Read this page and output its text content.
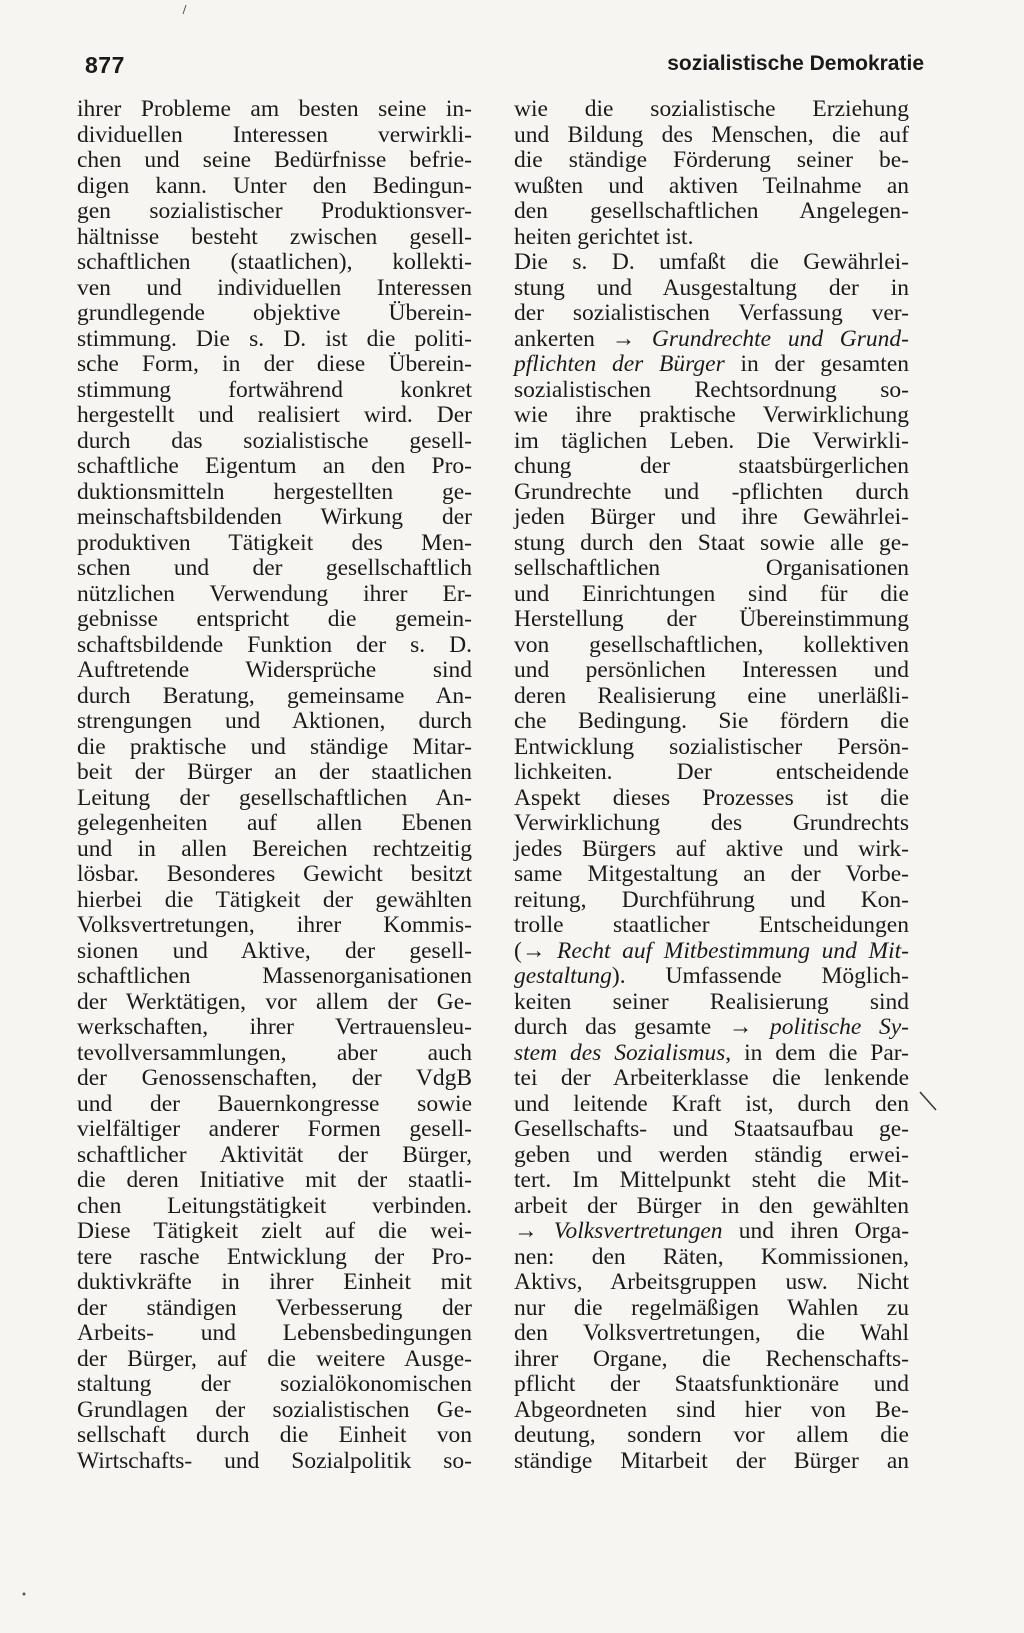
877	sozialistische Demokratie
ihrer Probleme am besten seine in-
dividuellen Interessen verwirkli-
chen und seine Bedürfnisse befrie-
digen kann. Unter den Bedingun-
gen sozialistischer Produktionsver-
hältnisse besteht zwischen gesell-
schaftlichen (staatlichen), kollekti-
ven und individuellen Interessen
grundlegende objektive Überein-
stimmung. Die s. D. ist die politi-
sche Form, in der diese Überein-
stimmung fortwährend konkret
hergestellt und realisiert wird. Der
durch das sozialistische gesell-
schaftliche Eigentum an den Pro-
duktionsmitteln hergestellten ge-
meinschaftsbildenden Wirkung der
produktiven Tätigkeit des Men-
schen und der gesellschaftlich
nützlichen Verwendung ihrer Er-
gebnisse entspricht die gemein-
schaftsbildende Funktion der s. D.
Auftretende Widersprüche sind
durch Beratung, gemeinsame An-
strengungen und Aktionen, durch
die praktische und ständige Mitar-
beit der Bürger an der staatlichen
Leitung der gesellschaftlichen An-
gelegenheiten auf allen Ebenen
und in allen Bereichen rechtzeitig
lösbar. Besonderes Gewicht besitzt
hierbei die Tätigkeit der gewählten
Volksvertretungen, ihrer Kommis-
sionen und Aktive, der gesell-
schaftlichen Massenorganisationen
der Werktätigen, vor allem der Ge-
werkschaften, ihrer Vertrauensleu-
tevollversammlungen, aber auch
der Genossenschaften, der VdgB
und der Bauernkongresse sowie
vielfältiger anderer Formen gesell-
schaftlicher Aktivität der Bürger,
die deren Initiative mit der staatli-
chen Leitungstätigkeit verbinden.
Diese Tätigkeit zielt auf die wei-
tere rasche Entwicklung der Pro-
duktivkräfte in ihrer Einheit mit
der ständigen Verbesserung der
Arbeits- und Lebensbedingungen
der Bürger, auf die weitere Ausge-
staltung der sozialökonomischen
Grundlagen der sozialistischen Ge-
sellschaft durch die Einheit von
Wirtschafts- und Sozialpolitik so-
wie die sozialistische Erziehung
und Bildung des Menschen, die auf
die ständige Förderung seiner be-
wußten und aktiven Teilnahme an
den gesellschaftlichen Angelegen-
heiten gerichtet ist.
Die s. D. umfaßt die Gewährlei-
stung und Ausgestaltung der in
der sozialistischen Verfassung ver-
ankerten → Grundrechte und Grund-
pflichten der Bürger in der gesamten
sozialistischen Rechtsordnung so-
wie ihre praktische Verwirklichung
im täglichen Leben. Die Verwirkli-
chung der staatsbürgerlichen
Grundrechte und -pflichten durch
jeden Bürger und ihre Gewährlei-
stung durch den Staat sowie alle ge-
sellschaftlichen Organisationen
und Einrichtungen sind für die
Herstellung der Übereinstimmung
von gesellschaftlichen, kollektiven
und persönlichen Interessen und
deren Realisierung eine unerläßli-
che Bedingung. Sie fördern die
Entwicklung sozialistischer Persön-
lichkeiten. Der entscheidende
Aspekt dieses Prozesses ist die
Verwirklichung des Grundrechts
jedes Bürgers auf aktive und wirk-
same Mitgestaltung an der Vorbe-
reitung, Durchführung und Kon-
trolle staatlicher Entscheidungen
(→ Recht auf Mitbestimmung und Mit-
gestaltung). Umfassende Möglich-
keiten seiner Realisierung sind
durch das gesamte → politische Sy-
stem des Sozialismus, in dem die Par-
tei der Arbeiterklasse die lenkende
und leitende Kraft ist, durch den
Gesellschafts- und Staatsaufbau ge-
geben und werden ständig erwei-
tert. Im Mittelpunkt steht die Mit-
arbeit der Bürger in den gewählten
→ Volksvertretungen und ihren Orga-
nen: den Räten, Kommissionen,
Aktivs, Arbeitsgruppen usw. Nicht
nur die regelmäßigen Wahlen zu
den Volksvertretungen, die Wahl
ihrer Organe, die Rechenschafts-
pflicht der Staatsfunktionäre und
Abgeordneten sind hier von Be-
deutung, sondern vor allem die
ständige Mitarbeit der Bürger an
